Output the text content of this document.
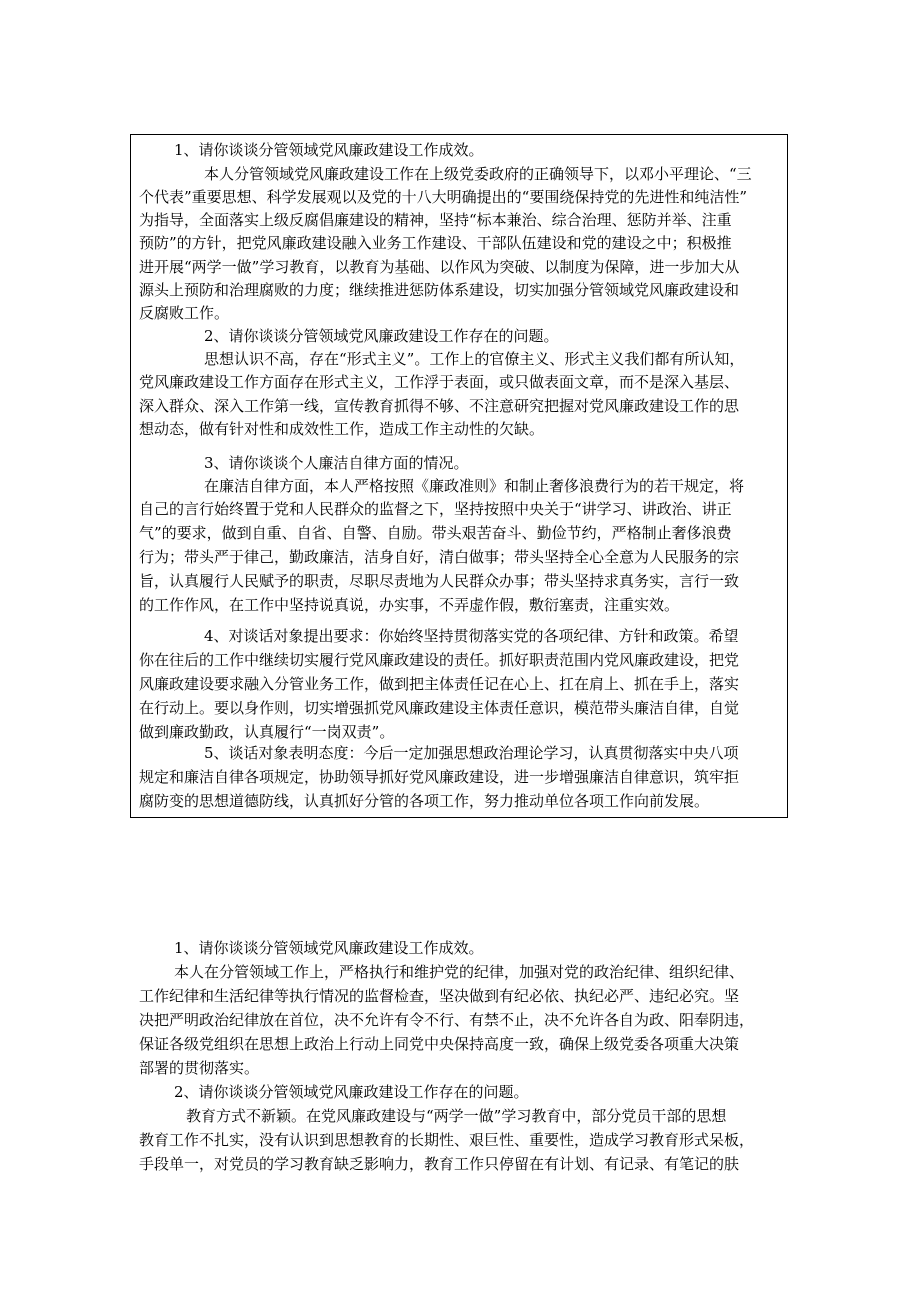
1、请你谈谈分管领域党风廉政建设工作成效。

本人分管领域党风廉政建设工作在上级党委政府的正确领导下，以邓小平理论、“三

个代表”重要思想、科学发展观以及党的十八大明确提出的“要围绕保持党的先进性和纯洁性”

为指导，全面落实上级反腐倡廉建设的精神，坚持“标本兼治、综合治理、惩防并举、注重

预防”的方针，把党风廉政建设融入业务工作建设、干部队伍建设和党的建设之中；积极推

进开展“两学一做”学习教育，以教育为基础、以作风为突破、以制度为保障，进一步加大从

源头上预防和治理腐败的力度；继续推进惩防体系建设，切实加强分管领域党风廉政建设和

反腐败工作。

2、请你谈谈分管领域党风廉政建设工作存在的问题。

思想认识不高，存在“形式主义”。工作上的官僚主义、形式主义我们都有所认知，

党风廉政建设工作方面存在形式主义，工作浮于表面，或只做表面文章，而不是深入基层、

深入群众、深入工作第一线，宣传教育抓得不够、不注意研究把握对党风廉政建设工作的思

想动态，做有针对性和成效性工作，造成工作主动性的欠缺。

3、请你谈谈个人廉洁自律方面的情况。

在廉洁自律方面，本人严格按照《廉政准则》和制止奢侈浪费行为的若干规定，将

自己的言行始终置于党和人民群众的监督之下，坚持按照中央关于“讲学习、讲政治、讲正

气”的要求，做到自重、自省、自警、自励。带头艰苦奋斗、勤俭节约，严格制止奢侈浪费

行为；带头严于律己，勤政廉洁，洁身自好，清白做事；带头坚持全心全意为人民服务的宗

旨，认真履行人民赋予的职责，尽职尽责地为人民群众办事；带头坚持求真务实，言行一致

的工作作风，在工作中坚持说真说，办实事，不弄虚作假，敷衍塞责，注重实效。

4、对谈话对象提出要求：你始终坚持贯彻落实党的各项纪律、方针和政策。希望

你在往后的工作中继续切实履行党风廉政建设的责任。抓好职责范围内党风廉政建设，把党

风廉政建设要求融入分管业务工作，做到把主体责任记在心上、扛在肩上、抓在手上，落实

在行动上。要以身作则，切实增强抓党风廉政建设主体责任意识，模范带头廉洁自律，自觉

做到廉政勤政，认真履行“一岗双责”。

5、谈话对象表明态度：今后一定加强思想政治理论学习，认真贯彻落实中央八项

规定和廉洁自律各项规定，协助领导抓好党风廉政建设，进一步增强廉洁自律意识，筑牢拒

腐防变的思想道德防线，认真抓好分管的各项工作，努力推动单位各项工作向前发展。

1、请你谈谈分管领域党风廉政建设工作成效。

本人在分管领域工作上，严格执行和维护党的纪律，加强对党的政治纪律、组织纪律、

工作纪律和生活纪律等执行情况的监督检查，坚决做到有纪必依、执纪必严、违纪必究。坚

决把严明政治纪律放在首位，决不允许有令不行、有禁不止，决不允许各自为政、阳奉阴违，

保证各级党组织在思想上政治上行动上同党中央保持高度一致，确保上级党委各项重大决策

部署的贯彻落实。

2、请你谈谈分管领域党风廉政建设工作存在的问题。

教育方式不新颖。在党风廉政建设与“两学一做”学习教育中，部分党员干部的思想

教育工作不扎实，没有认识到思想教育的长期性、艰巨性、重要性，造成学习教育形式呆板，

手段单一，对党员的学习教育缺乏影响力，教育工作只停留在有计划、有记录、有笔记的肤
